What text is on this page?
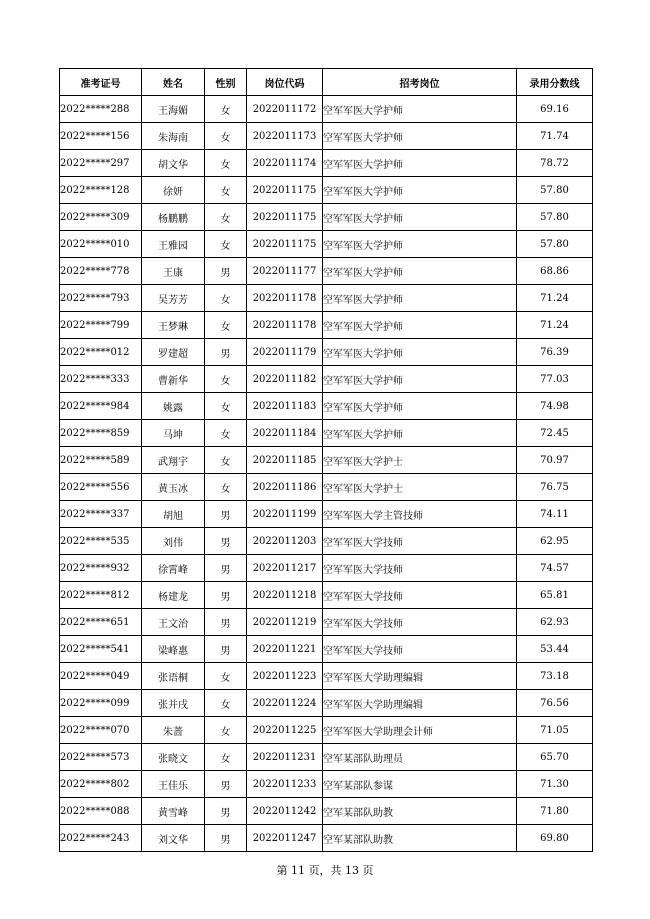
准考证号	姓名	性别	岗位代码	招考岗位	录用分数线
2022*****288	王海媚	女	2022011172	空军军医大学护师	69.16
2022*****156	朱海南	女	2022011173	空军军医大学护师	71.74
2022*****297	胡文华	女	2022011174	空军军医大学护师	78.72
2022*****128	徐妍	女	2022011175	空军军医大学护师	57.80
2022*****309	杨鹏鹏	女	2022011175	空军军医大学护师	57.80
2022*****010	王雅园	女	2022011175	空军军医大学护师	57.80
2022*****778	王康	男	2022011177	空军军医大学护师	68.86
2022*****793	吴芳芳	女	2022011178	空军军医大学护师	71.24
2022*****799	王梦琳	女	2022011178	空军军医大学护师	71.24
2022*****012	罗建超	男	2022011179	空军军医大学护师	76.39
2022*****333	曹新华	女	2022011182	空军军医大学护师	77.03
2022*****984	姚露	女	2022011183	空军军医大学护师	74.98
2022*****859	马坤	女	2022011184	空军军医大学护师	72.45
2022*****589	武翔宇	女	2022011185	空军军医大学护士	70.97
2022*****556	黄玉冰	女	2022011186	空军军医大学护士	76.75
2022*****337	胡旭	男	2022011199	空军军医大学主管技师	74.11
2022*****535	刘伟	男	2022011203	空军军医大学技师	62.95
2022*****932	徐霄峰	男	2022011217	空军军医大学技师	74.57
2022*****812	杨建龙	男	2022011218	空军军医大学技师	65.81
2022*****651	王文治	男	2022011219	空军军医大学技师	62.93
2022*****541	梁峰惠	男	2022011221	空军军医大学技师	53.44
2022*****049	张语桐	女	2022011223	空军军医大学助理编辑	73.18
2022*****099	张并戌	女	2022011224	空军军医大学助理编辑	76.56
2022*****070	朱蔷	女	2022011225	空军军医大学助理会计师	71.05
2022*****573	张晓文	女	2022011231	空军某部队助理员	65.70
2022*****802	王佳乐	男	2022011233	空军某部队参谋	71.30
2022*****088	黄雪峰	男	2022011242	空军某部队助教	71.80
2022*****243	刘文华	男	2022011247	空军某部队助教	69.80
第 11 页，共 13 页
